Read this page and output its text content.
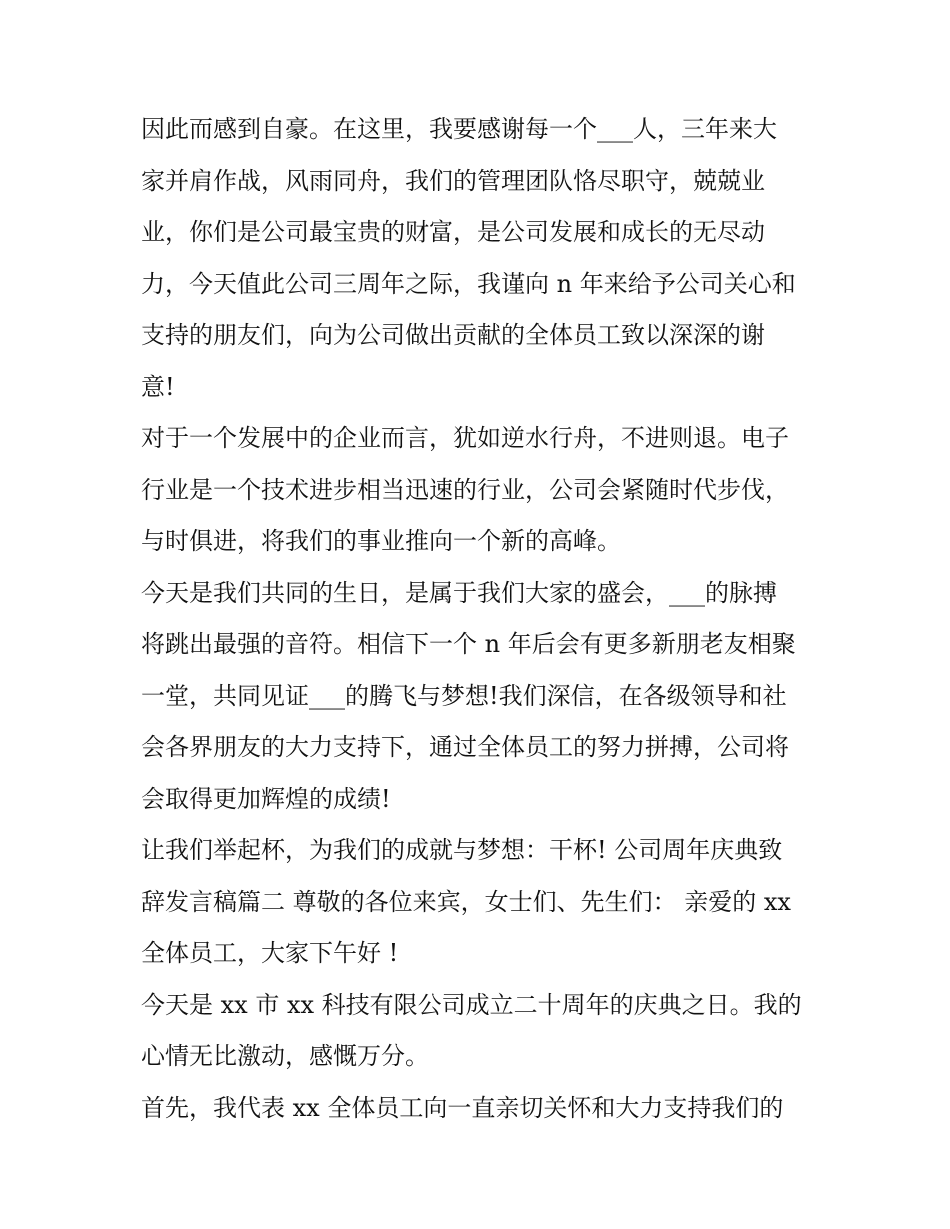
因此而感到自豪。在这里，我要感谢每一个___人，三年来大
家并肩作战，风雨同舟，我们的管理团队恪尽职守，兢兢业
业，你们是公司最宝贵的财富，是公司发展和成长的无尽动
力，今天值此公司三周年之际，我谨向 n 年来给予公司关心和
支持的朋友们，向为公司做出贡献的全体员工致以深深的谢
意!
对于一个发展中的企业而言，犹如逆水行舟，不进则退。电子
行业是一个技术进步相当迅速的行业，公司会紧随时代步伐，
与时俱进，将我们的事业推向一个新的高峰。
今天是我们共同的生日，是属于我们大家的盛会，___的脉搏
将跳出最强的音符。相信下一个 n 年后会有更多新朋老友相聚
一堂，共同见证___的腾飞与梦想!我们深信，在各级领导和社
会各界朋友的大力支持下，通过全体员工的努力拼搏，公司将
会取得更加辉煌的成绩!
让我们举起杯，为我们的成就与梦想：干杯! 公司周年庆典致
辞发言稿篇二 尊敬的各位来宾，女士们、先生们： 亲爱的 xx
全体员工，大家下午好 !
今天是 xx 市 xx 科技有限公司成立二十周年的庆典之日。我的
心情无比激动，感慨万分。
首先，我代表 xx 全体员工向一直亲切关怀和大力支持我们的
